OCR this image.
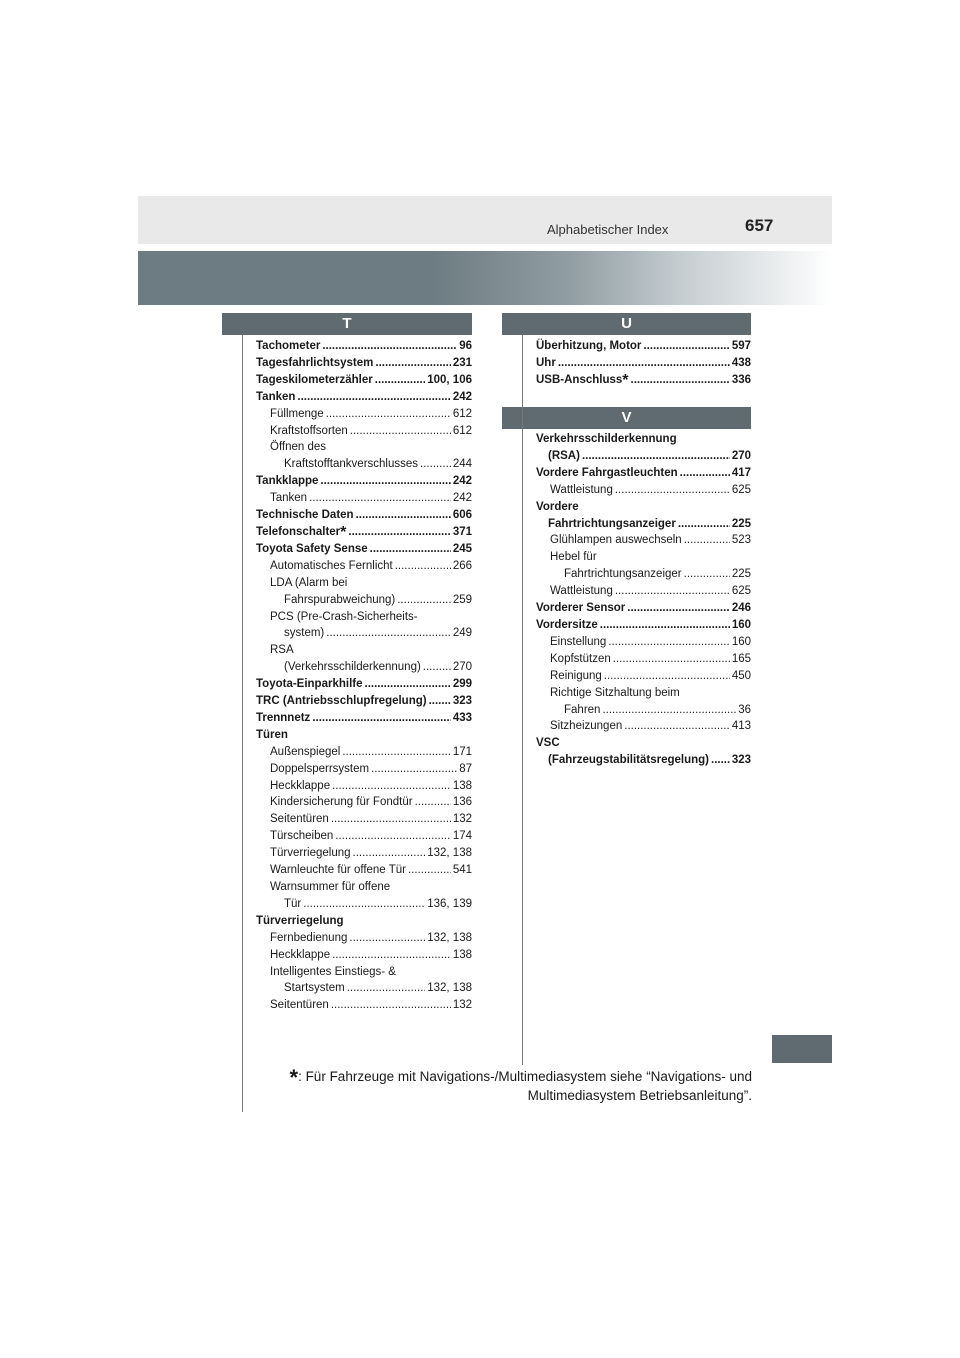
Alphabetischer Index	657
T	U
V
Tachometer .....	96
Tagesfahrlichtsystem .....	231
Tageskilometerzähler .....	100, 106
Tanken .....	242
Füllmenge .....	612
Kraftstoffsorten .....	612
Öffnen des
Kraftstofftankverschlusses .....	244
Tankklappe .....	242
Tanken .....	242
Technische Daten .....	606
Telefonschalter* .....	371
Toyota Safety Sense .....	245
Automatisches Fernlicht .....	266
LDA (Alarm bei
Fahrspurabweichung) .....	259
PCS (Pre-Crash-Sicherheits-
system) .....	249
RSA
(Verkehrsschilderkennung) .....	270
Toyota-Einparkhilfe .....	299
TRC (Antriebsschlupfregelung) ..... 323
Trennnetz .....	433
Türen
Außenspiegel .....	171
Doppelsperrsystem .....	87
Heckklappe .....	138
Kindersicherung für Fondtür .....	136
Seitentüren .....	132
Türscheiben .....	174
Türverriegelung .....	132, 138
Warnleuchte für offene Tür .....	541
Warnsummer für offene
Tür .....	136, 139
Türverriegelung
Fernbedienung .....	132, 138
Heckklappe .....	138
Intelligentes Einstiegs- &
Startsystem .....	132, 138
Seitentüren .....	132
Überhitzung, Motor .....	597
Uhr .....	438
USB-Anschluss* .....	336
Verkehrsschilderkennung
(RSA) .....	270
Vordere Fahrgastleuchten .....	417
Wattleistung .....	625
Vordere
Fahrtrichtungsanzeiger .....	225
Glühlampen auswechseln .....	523
Hebel für
Fahrtrichtungsanzeiger .....	225
Wattleistung .....	625
Vorderer Sensor .....	246
Vordersitze .....	160
Einstellung .....	160
Kopfstützen .....	165
Reinigung .....	450
Richtige Sitzhaltung beim
Fahren .....	36
Sitzheizungen .....	413
VSC
(Fahrzeugstabilitätsregelung) ..... 323
*: Für Fahrzeuge mit Navigations-/Multimediasystem siehe “Navigations- und
Multimediasystem Betriebsanleitung”.
